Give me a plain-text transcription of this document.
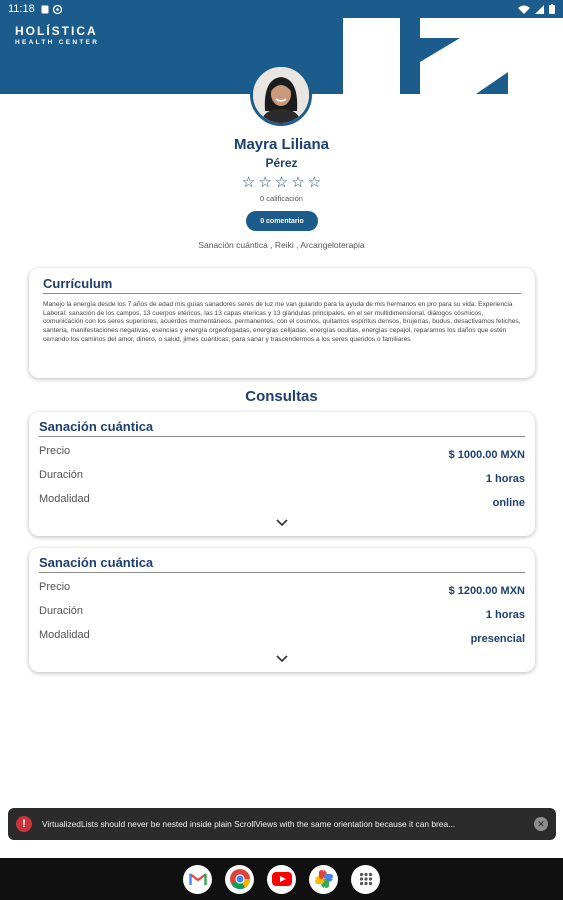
HOLÍSTICA
HEALTH CENTER
11:18
Mayra Liliana
Pérez
☆ ☆ ☆ ☆ ☆
0 calificación
0 comentario
Sanación cuántica , Reiki , Arcangeloterapia
Currículum
Manejo la energía desde los 7 años de edad mis guías sanadores seres de luz me van guiando para la ayuda de mis hermanos en pro para su vida. Experiencia Laboral: sanación de los campos, 13 cuerpos etéricos, las 13 capas etericas y 13 glándulas principales, en el ser multidimensional, diálogos cósmicos, comunicación con los seres superiores, acuerdos momentáneos, permanentes, con el cosmos, quitamos espíritus densos, brujerías, budus, desactivamos fetiches, santería, manifestaciones negativas, esencias y energía orgeofogadas, energías celljadas, energías ocultas, energías cepajol, reparamos los daños que estén cerrando los caminos del amor, dinero, o salud, jimes cuánticas, para sanar y trascendermos a los seres queridos o familiares
Consultas
Sanación cuántica
Precio	$ 1000.00 MXN
Duración	1 horas
Modalidad	online
Sanación cuántica
Precio	$ 1200.00 MXN
Duración	1 horas
Modalidad	presencial
!	VirtualizedLists should never be nested inside plain ScrollViews with the same orientation because it can brea...	✕
